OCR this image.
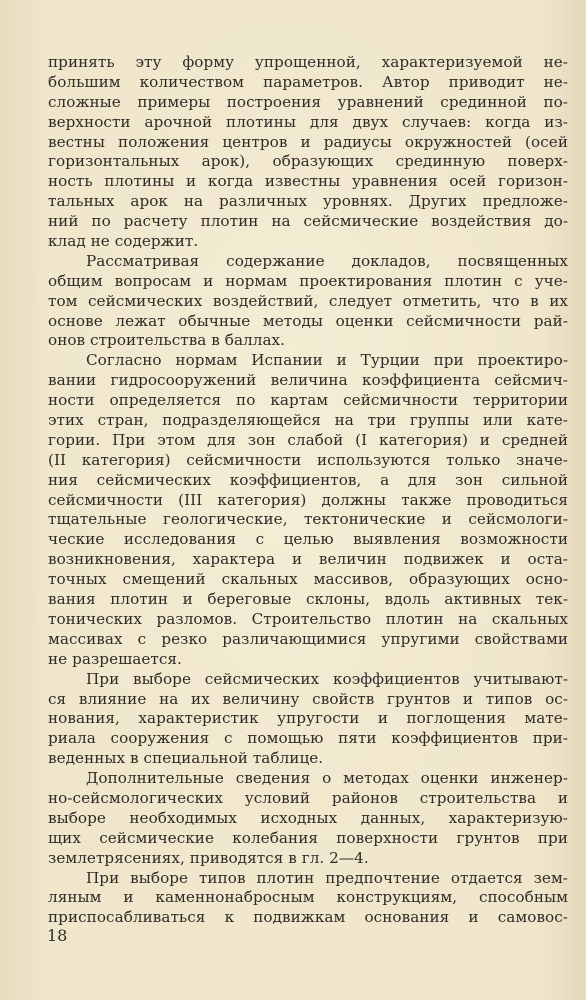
принять эту форму упрощенной, характеризуемой не-
большим количеством параметров. Автор приводит не-
сложные примеры построения уравнений срединной по-
верхности арочной плотины для двух случаев: когда из-
вестны положения центров и радиусы окружностей (осей
горизонтальных арок), образующих срединную поверх-
ность плотины и когда известны уравнения осей горизон-
тальных арок на различных уровнях. Других предложе-
ний по расчету плотин на сейсмические воздействия до-
клад не содержит.
Рассматривая содержание докладов, посвященных
общим вопросам и нормам проектирования плотин с уче-
том сейсмических воздействий, следует отметить, что в их
основе лежат обычные методы оценки сейсмичности рай-
онов строительства в баллах.
Согласно нормам Испании и Турции при проектиро-
вании гидросооружений величина коэффициента сейсмич-
ности определяется по картам сейсмичности территории
этих стран, подразделяющейся на три группы или кате-
гории. При этом для зон слабой (I категория) и средней
(II категория) сейсмичности используются только значе-
ния сейсмических коэффициентов, а для зон сильной
сейсмичности (III категория) должны также проводиться
тщательные геологические, тектонические и сейсмологи-
ческие исследования с целью выявления возможности
возникновения, характера и величин подвижек и оста-
точных смещений скальных массивов, образующих осно-
вания плотин и береговые склоны, вдоль активных тек-
тонических разломов. Строительство плотин на скальных
массивах с резко различающимися упругими свойствами
не разрешается.
При выборе сейсмических коэффициентов учитывают-
ся влияние на их величину свойств грунтов и типов ос-
нования, характеристик упругости и поглощения мате-
риала сооружения с помощью пяти коэффициентов при-
веденных в специальной таблице.
Дополнительные сведения о методах оценки инженер-
но-сейсмологических условий районов строительства и
выборе необходимых исходных данных, характеризую-
щих сейсмические колебания поверхности грунтов при
землетрясениях, приводятся в гл. 2—4.
При выборе типов плотин предпочтение отдается зем-
ляным и каменнонабросным конструкциям, способным
приспосабливаться к подвижкам основания и самовос-
18
